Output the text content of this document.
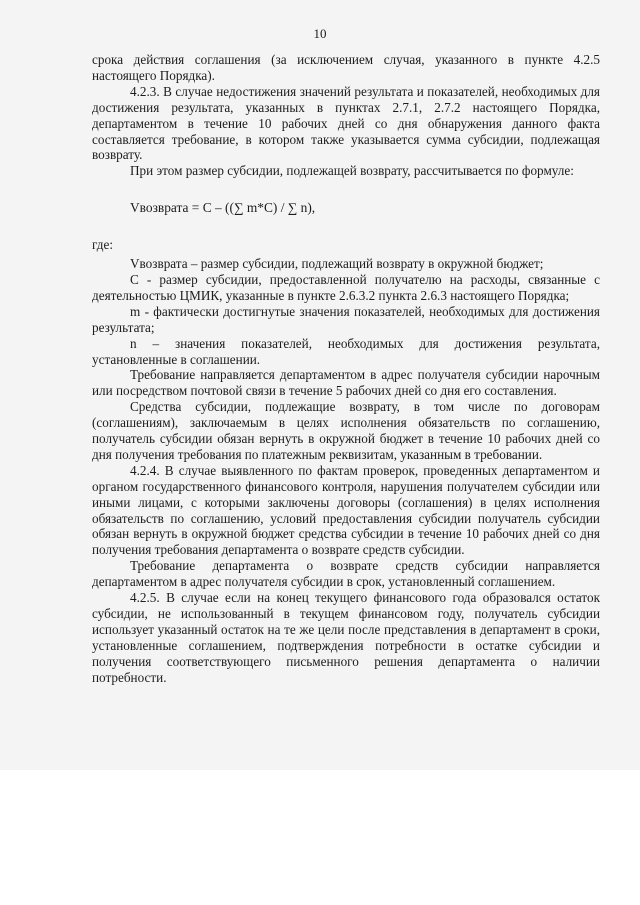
10

срока действия соглашения (за исключением случая, указанного в пункте 4.2.5 настоящего Порядка).

4.2.3. В случае недостижения значений результата и показателей, необходимых для достижения результата, указанных в пунктах 2.7.1, 2.7.2 настоящего Порядка, департаментом в течение 10 рабочих дней со дня обнаружения данного факта составляется требование, в котором также указывается сумма субсидии, подлежащая возврату.

При этом размер субсидии, подлежащей возврату, рассчитывается по формуле:

Vвозврата = C – ((∑ m*C) / ∑ n),

где:

Vвозврата – размер субсидии, подлежащий возврату в окружной бюджет;

C - размер субсидии, предоставленной получателю на расходы, связанные с деятельностью ЦМИК, указанные в пункте 2.6.3.2 пункта 2.6.3 настоящего Порядка;

m - фактически достигнутые значения показателей, необходимых для достижения результата;

n – значения показателей, необходимых для достижения результата, установленные в соглашении.

Требование направляется департаментом в адрес получателя субсидии нарочным или посредством почтовой связи в течение 5 рабочих дней со дня его составления.

Средства субсидии, подлежащие возврату, в том числе по договорам (соглашениям), заключаемым в целях исполнения обязательств по соглашению, получатель субсидии обязан вернуть в окружной бюджет в течение 10 рабочих дней со дня получения требования по платежным реквизитам, указанным в требовании.

4.2.4. В случае выявленного по фактам проверок, проведенных департаментом и органом государственного финансового контроля, нарушения получателем субсидии или иными лицами, с которыми заключены договоры (соглашения) в целях исполнения обязательств по соглашению, условий предоставления субсидии получатель субсидии обязан вернуть в окружной бюджет средства субсидии в течение 10 рабочих дней со дня получения требования департамента о возврате средств субсидии.

Требование департамента о возврате средств субсидии направляется департаментом в адрес получателя субсидии в срок, установленный соглашением.

4.2.5. В случае если на конец текущего финансового года образовался остаток субсидии, не использованный в текущем финансовом году, получатель субсидии использует указанный остаток на те же цели после представления в департамент в сроки, установленные соглашением, подтверждения потребности в остатке субсидии и получения соответствующего письменного решения департамента о наличии потребности.
